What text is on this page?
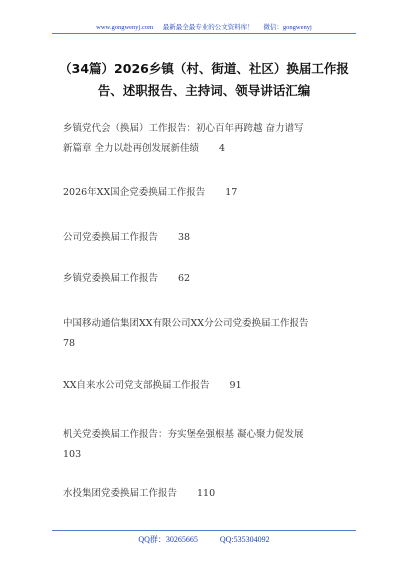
www.gongwenyj.com 最新最全最专业的公文资料库！ 微信：gongwenyj
（34篇）2026乡镇（村、街道、社区）换届工作报
告、述职报告、主持词、领导讲话汇编
乡镇党代会（换届）工作报告：初心百年再跨越 奋力谱写
新篇章 全力以赴再创发展新佳绩 4
2026年XX国企党委换届工作报告 17
公司党委换届工作报告 38
乡镇党委换届工作报告 62
中国移动通信集团XX有限公司XX分公司党委换届工作报告
78
XX自来水公司党支部换届工作报告 91
机关党委换届工作报告：夯实堡垒强根基 凝心聚力促发展
103
水投集团党委换届工作报告 110
QQ群：30265665	QQ:535304092
